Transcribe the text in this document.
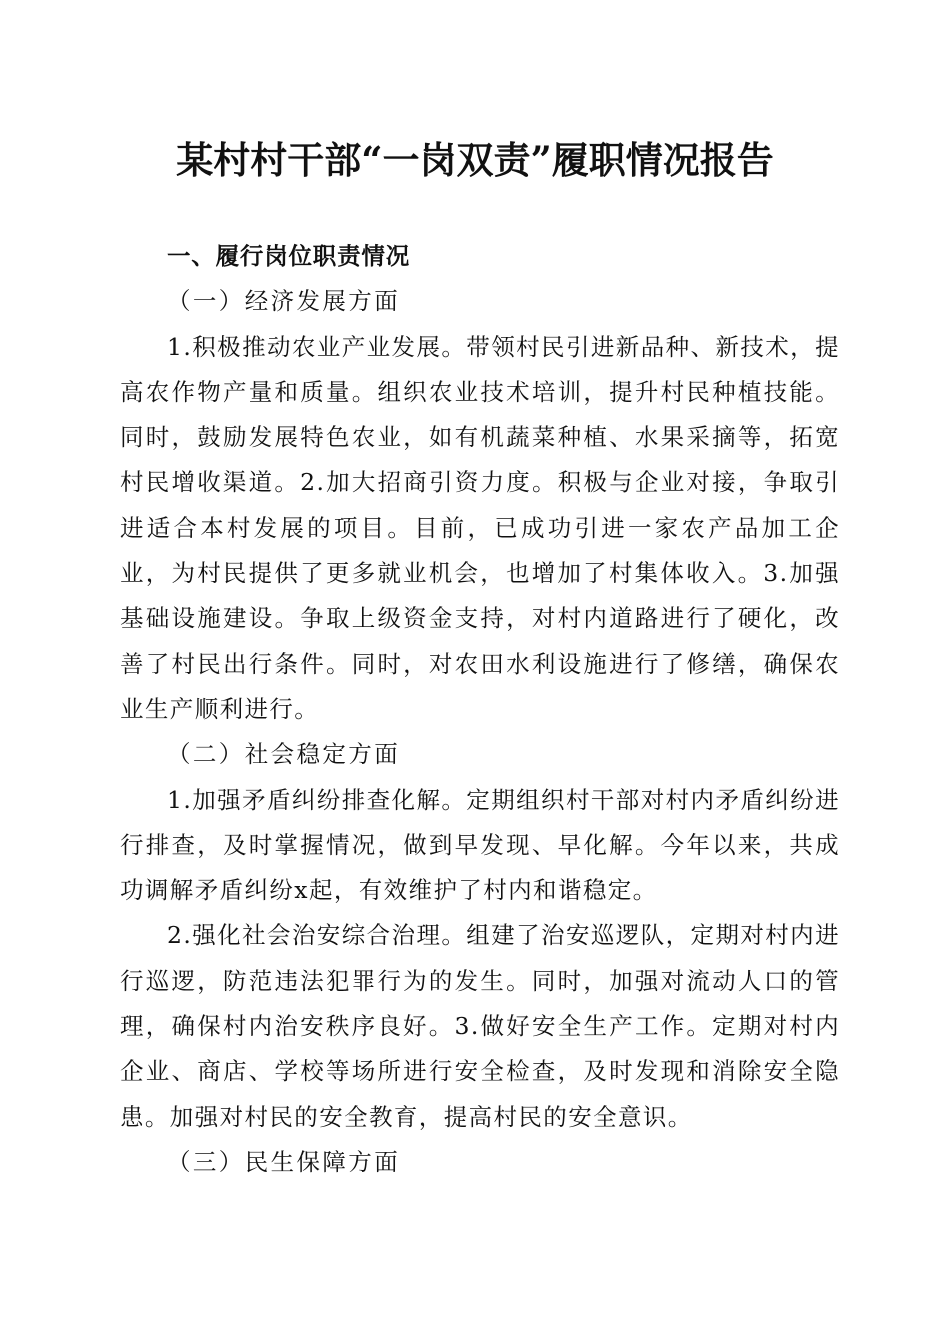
某村村干部“一岗双责”履职情况报告

一、履行岗位职责情况

（一）经济发展方面

1.积极推动农业产业发展。带领村民引进新品种、新技术，提高农作物产量和质量。组织农业技术培训，提升村民种植技能。同时，鼓励发展特色农业，如有机蔬菜种植、水果采摘等，拓宽村民增收渠道。2.加大招商引资力度。积极与企业对接，争取引进适合本村发展的项目。目前，已成功引进一家农产品加工企业，为村民提供了更多就业机会，也增加了村集体收入。3.加强基础设施建设。争取上级资金支持，对村内道路进行了硬化，改善了村民出行条件。同时，对农田水利设施进行了修缮，确保农业生产顺利进行。

（二）社会稳定方面

1.加强矛盾纠纷排查化解。定期组织村干部对村内矛盾纠纷进行排查，及时掌握情况，做到早发现、早化解。今年以来，共成功调解矛盾纠纷x起，有效维护了村内和谐稳定。

2.强化社会治安综合治理。组建了治安巡逻队，定期对村内进行巡逻，防范违法犯罪行为的发生。同时，加强对流动人口的管理，确保村内治安秩序良好。3.做好安全生产工作。定期对村内企业、商店、学校等场所进行安全检查，及时发现和消除安全隐患。加强对村民的安全教育，提高村民的安全意识。

（三）民生保障方面
